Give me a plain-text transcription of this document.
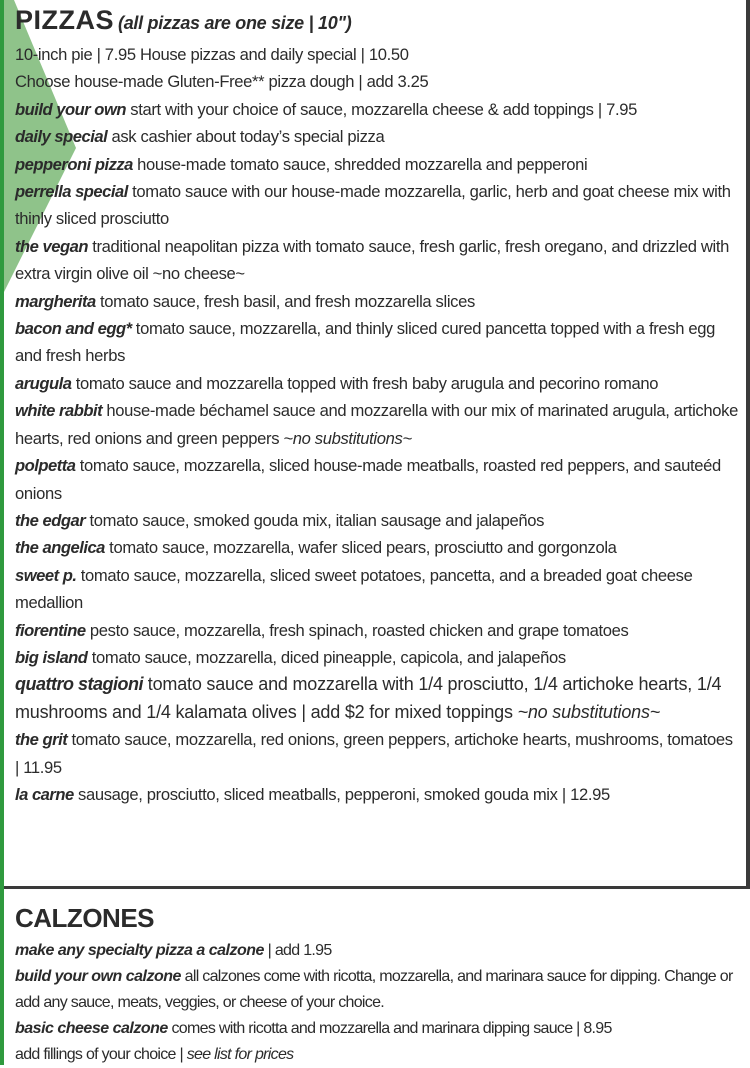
PIZZAS (all pizzas are one size | 10")
10-inch pie | 7.95 House pizzas and daily special | 10.50
Choose house-made Gluten-Free** pizza dough | add 3.25
build your own start with your choice of sauce, mozzarella cheese & add toppings | 7.95
daily special ask cashier about today’s special pizza
pepperoni pizza house-made tomato sauce, shredded mozzarella and pepperoni
perrella special tomato sauce with our house-made mozzarella, garlic, herb and goat cheese mix with thinly sliced prosciutto
the vegan traditional neapolitan pizza with tomato sauce, fresh garlic, fresh oregano, and drizzled with extra virgin olive oil ~no cheese~
margherita tomato sauce, fresh basil, and fresh mozzarella slices
bacon and egg* tomato sauce, mozzarella, and thinly sliced cured pancetta topped with a fresh egg and fresh herbs
arugula tomato sauce and mozzarella topped with fresh baby arugula and pecorino romano
white rabbit house-made béchamel sauce and mozzarella with our mix of marinated arugula, artichoke hearts, red onions and green peppers ~no substitutions~
polpetta tomato sauce, mozzarella, sliced house-made meatballs, roasted red peppers, and sauteéd onions
the edgar tomato sauce, smoked gouda mix, italian sausage and jalapeños
the angelica tomato sauce, mozzarella, wafer sliced pears, prosciutto and gorgonzola
sweet p. tomato sauce, mozzarella, sliced sweet potatoes, pancetta, and a breaded goat cheese medallion
fiorentine pesto sauce, mozzarella, fresh spinach, roasted chicken and grape tomatoes
big island tomato sauce, mozzarella, diced pineapple, capicola, and jalapeños
quattro stagioni tomato sauce and mozzarella with 1/4 prosciutto, 1/4 artichoke hearts, 1/4 mushrooms and 1/4 kalamata olives | add $2 for mixed toppings ~no substitutions~
the grit tomato sauce, mozzarella, red onions, green peppers, artichoke hearts, mushrooms, tomatoes | 11.95
la carne sausage, prosciutto, sliced meatballs, pepperoni, smoked gouda mix | 12.95
CALZONES
make any specialty pizza a calzone | add 1.95
build your own calzone all calzones come with ricotta, mozzarella, and marinara sauce for dipping. Change or add any sauce, meats, veggies, or cheese of your choice.
basic cheese calzone comes with ricotta and mozzarella and marinara dipping sauce | 8.95
add fillings of your choice | see list for prices
